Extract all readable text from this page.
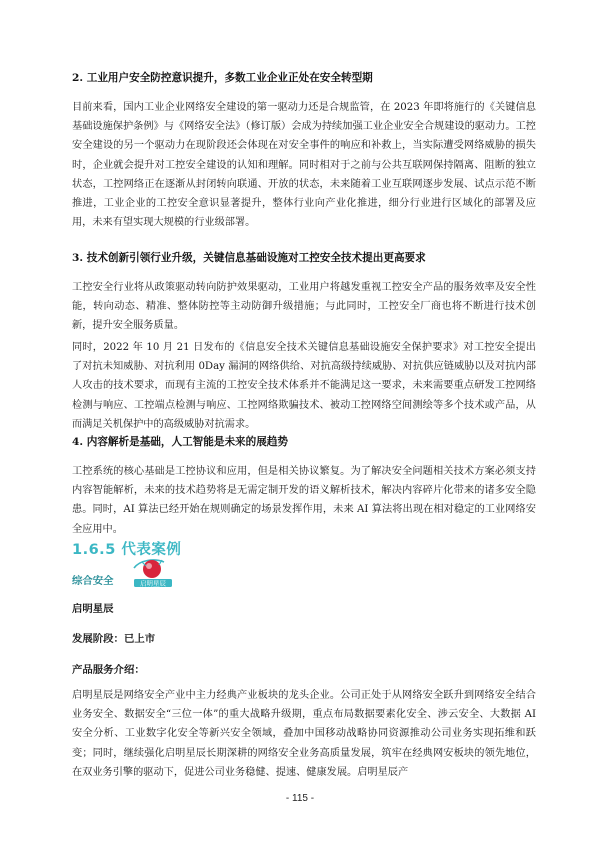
2. 工业用户安全防控意识提升，多数工业企业正处在安全转型期
目前来看，国内工业企业网络安全建设的第一驱动力还是合规监管，在 2023 年即将施行的《关键信息基础设施保护条例》与《网络安全法》（修订版）会成为持续加强工业企业安全合规建设的驱动力。工控安全建设的另一个驱动力在现阶段还会体现在对安全事件的响应和补救上，当实际遭受网络威胁的损失时，企业就会提升对工控安全建设的认知和理解。同时相对于之前与公共互联网保持隔离、阻断的独立状态，工控网络正在逐渐从封闭转向联通、开放的状态，未来随着工业互联网逐步发展、试点示范不断推进，工业企业的工控安全意识显著提升，整体行业向产业化推进，细分行业进行区域化的部署及应用，未来有望实现大规模的行业级部署。
3. 技术创新引领行业升级，关键信息基础设施对工控安全技术提出更高要求
工控安全行业将从政策驱动转向防护效果驱动，工业用户将越发重视工控安全产品的服务效率及安全性能，转向动态、精准、整体防控等主动防御升级措施；与此同时，工控安全厂商也将不断进行技术创新，提升安全服务质量。
同时，2022 年 10 月 21 日发布的《信息安全技术关键信息基础设施安全保护要求》对工控安全提出了对抗未知威胁、对抗利用 0Day 漏洞的网络供给、对抗高级持续威胁、对抗供应链威胁以及对抗内部人攻击的技术要求，而现有主流的工控安全技术体系并不能满足这一要求，未来需要重点研发工控网络检测与响应、工控端点检测与响应、工控网络欺骗技术、被动工控网络空间测绘等多个技术或产品，从而满足关机保护中的高级威胁对抗需求。
4. 内容解析是基础，人工智能是未来的展趋势
工控系统的核心基础是工控协议和应用，但是相关协议繁复。为了解决安全问题相关技术方案必须支持内容智能解析，未来的技术趋势将是无需定制开发的语义解析技术，解决内容碎片化带来的诸多安全隐患。同时，AI 算法已经开始在规则确定的场景发挥作用，未来 AI 算法将出现在相对稳定的工业网络安全应用中。
1.6.5 代表案例
综合安全	启明星辰
启明星辰
发展阶段：已上市
产品服务介绍：
启明星辰是网络安全产业中主力经典产业板块的龙头企业。公司正处于从网络安全跃升到网络安全结合业务安全、数据安全“三位一体”的重大战略升级期，重点布局数据要素化安全、涉云安全、大数据 AI 安全分析、工业数字化安全等新兴安全领域，叠加中国移动战略协同资源推动公司业务实现拓维和跃变；同时，继续强化启明星辰长期深耕的网络安全业务高质量发展，筑牢在经典网安板块的领先地位，在双业务引擎的驱动下，促进公司业务稳健、提速、健康发展。启明星辰产
- 115 -
